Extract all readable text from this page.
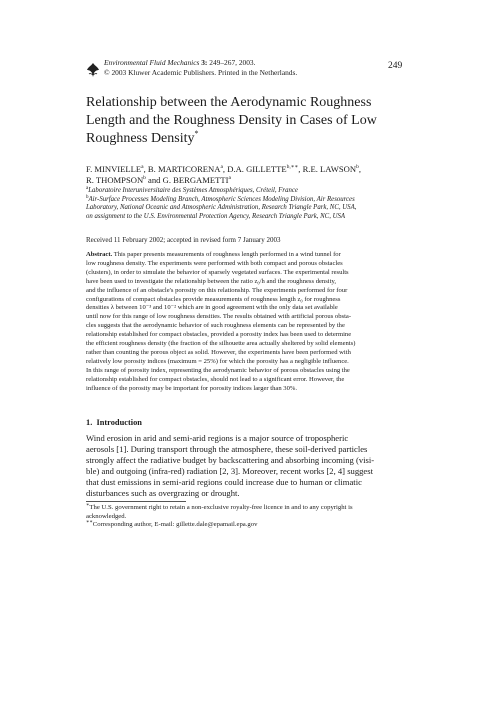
Environmental Fluid Mechanics 3: 249–267, 2003.
© 2003 Kluwer Academic Publishers. Printed in the Netherlands.
249
Relationship between the Aerodynamic Roughness
Length and the Roughness Density in Cases of Low
Roughness Density*
F. MINVIELLE$^a$, B. MARTICORENA$^a$, D.A. $GILLETTE^{b,∗∗}$, R.E. LAWSON$^b$,
R. THOMPSON$^b$ and G. BERGAMETTI$^a$
$^a$Laboratoire Interuniversitaire des Systèmes Atmosphériques, Créteil, France
$^b$Air-Surface Processes Modeling Branch, Atmospheric Sciences Modeling Division, Air Resources
Laboratory, National Oceanic and Atmospheric Administration, Research Triangle Park, NC, USA,
on assignment to the U.S. Environmental Protection Agency, Research Triangle Park, NC, USA
Received 11 February 2002; accepted in revised form 7 January 2003
Abstract. This paper presents measurements of roughness length performed in a wind tunnel for
low roughness density. The experiments were performed with both compact and porous obstacles
(clusters), in order to simulate the behavior of sparsely vegetated surfaces. The experimental results
have been used to investigate the relationship between the ratio z₀/h and the roughness density,
and the influence of an obstacle's porosity on this relationship. The experiments performed for four
configurations of compact obstacles provide measurements of roughness length z₀ for roughness
densities λ between 10⁻³ and 10⁻² which are in good agreement with the only data set available
until now for this range of low roughness densities. The results obtained with artificial porous obsta-
cles suggests that the aerodynamic behavior of such roughness elements can be represented by the
relationship established for compact obstacles, provided a porosity index has been used to determine
the efficient roughness density (the fraction of the silhouette area actually sheltered by solid elements)
rather than counting the porous object as solid. However, the experiments have been performed with
relatively low porosity indices (maximum = 25%) for which the porosity has a negligible influence.
In this range of porosity index, representing the aerodynamic behavior of porous obstacles using the
relationship established for compact obstacles, should not lead to a significant error. However, the
influence of the porosity may be important for porosity indices larger than 30%.
1. Introduction
Wind erosion in arid and semi-arid regions is a major source of tropospheric
aerosols [1]. During transport through the atmosphere, these soil-derived particles
strongly affect the radiative budget by backscattering and absorbing incoming (visi-
ble) and outgoing (infra-red) radiation [2, 3]. Moreover, recent works [2, 4] suggest
that dust emissions in semi-arid regions could increase due to human or climatic
disturbances such as overgrazing or drought.
∗The U.S. government right to retain a non-exclusive royalty-free licence in and to any copyright is
acknowledged.
∗∗Corresponding author, E-mail: gillette.dale@epamail.epa.gov
